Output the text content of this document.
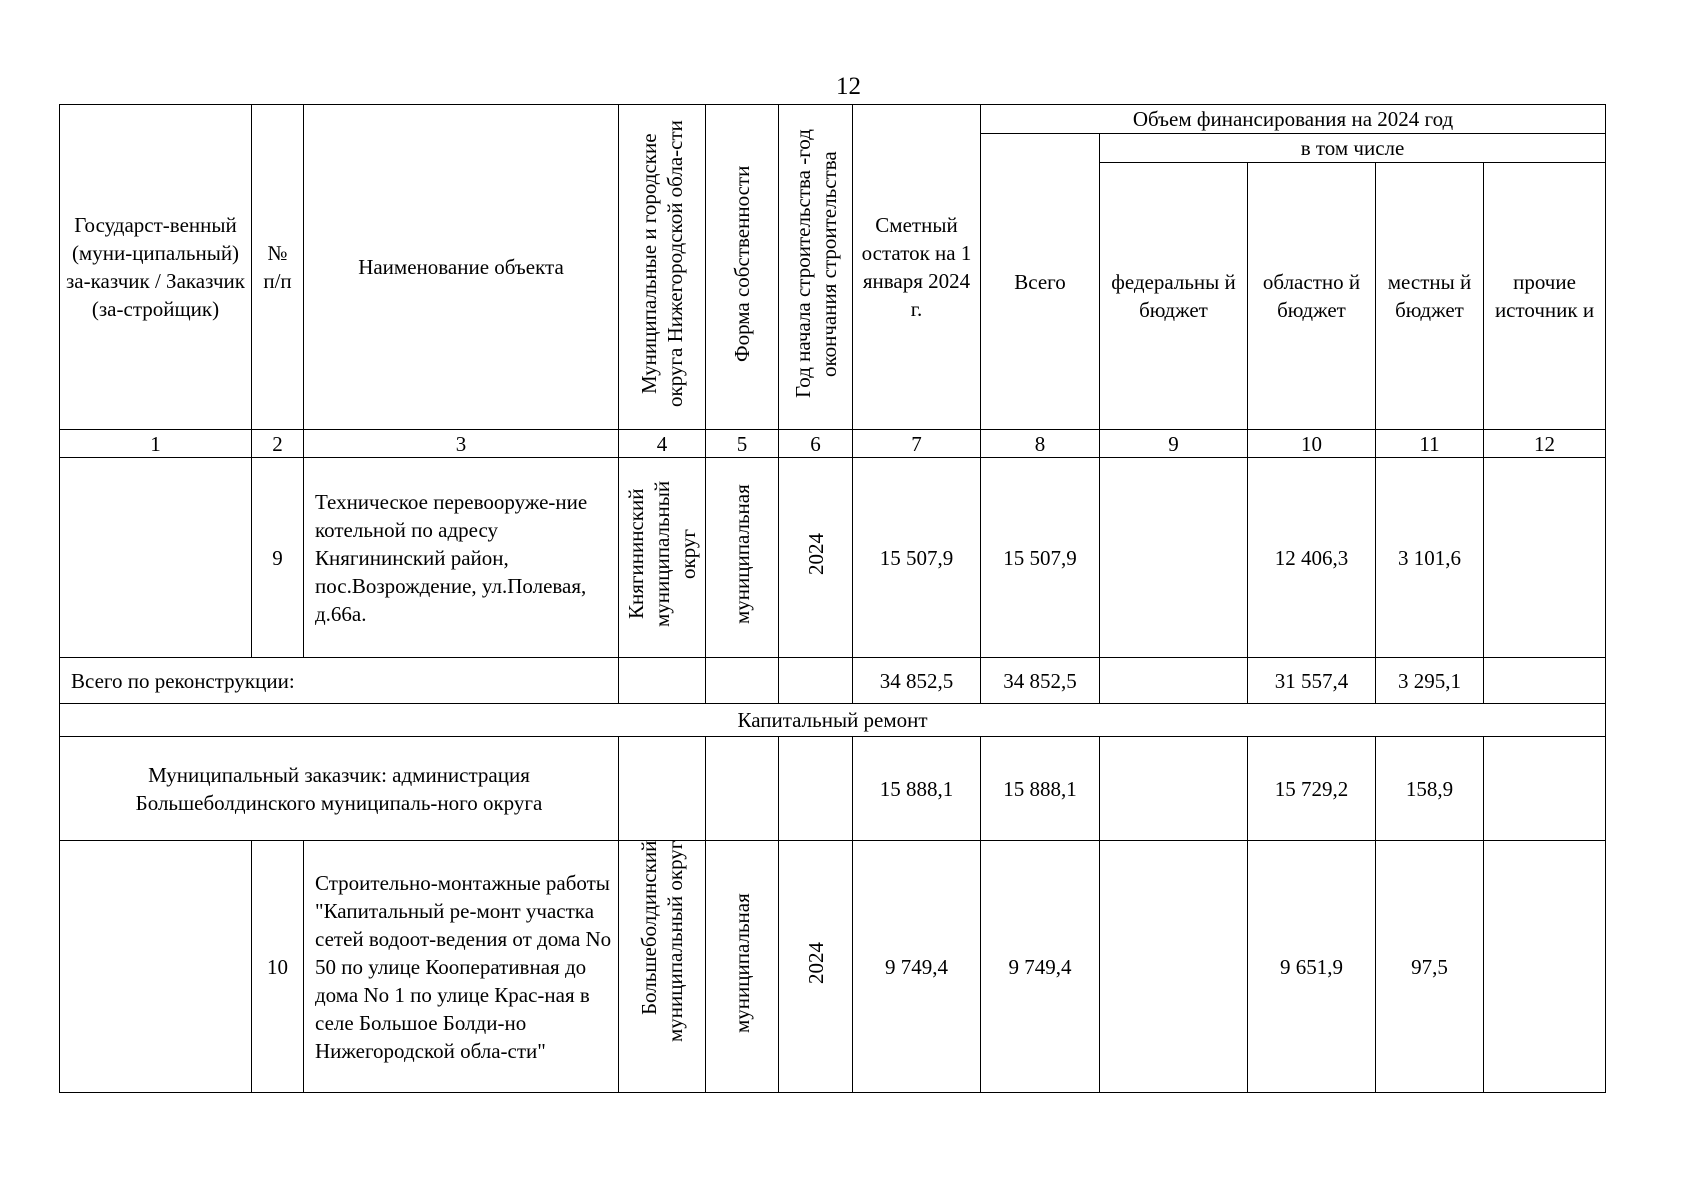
12
Государст-венный (муни-ципальный) за-казчик / Заказчик (за-стройщик)	№ п/п	Наименование объекта	Муниципальные и городские округа Нижегородской обла-сти	Форма собственности	Год начала строительства -год окончания строительства	Сметный остаток на 1 января 2024 г.	Объем финансирования на 2024 год				
							Всего	в том числе			
								федеральны й бюджет	областно й бюджет	местны й бюджет	прочие источник и
1	2	3	4	5	6	7	8	9	10	11	12
	9	Техническое перевооруже-ние котельной по адресу Княгининский район, пос.Возрождение, ул.Полевая, д.66а.	Княгининский муниципальный округ	муниципальная	2024	15 507,9	15 507,9		12 406,3	3 101,6	
Всего по реконструкции:						34 852,5	34 852,5		31 557,4	3 295,1	
Капитальный ремонт											
Муниципальный заказчик: администрация Большеболдинского муниципаль-ного округа						15 888,1	15 888,1		15 729,2	158,9	
	10	Строительно-монтажные работы "Капитальный ре-монт участка сетей водоот-ведения от дома No 50 по улице Кооперативная до дома No 1 по улице Крас-ная в селе Большое Болди-но Нижегородской обла-сти"	Большеболдинский муниципальный округ	муниципальная	2024	9 749,4	9 749,4		9 651,9	97,5	
